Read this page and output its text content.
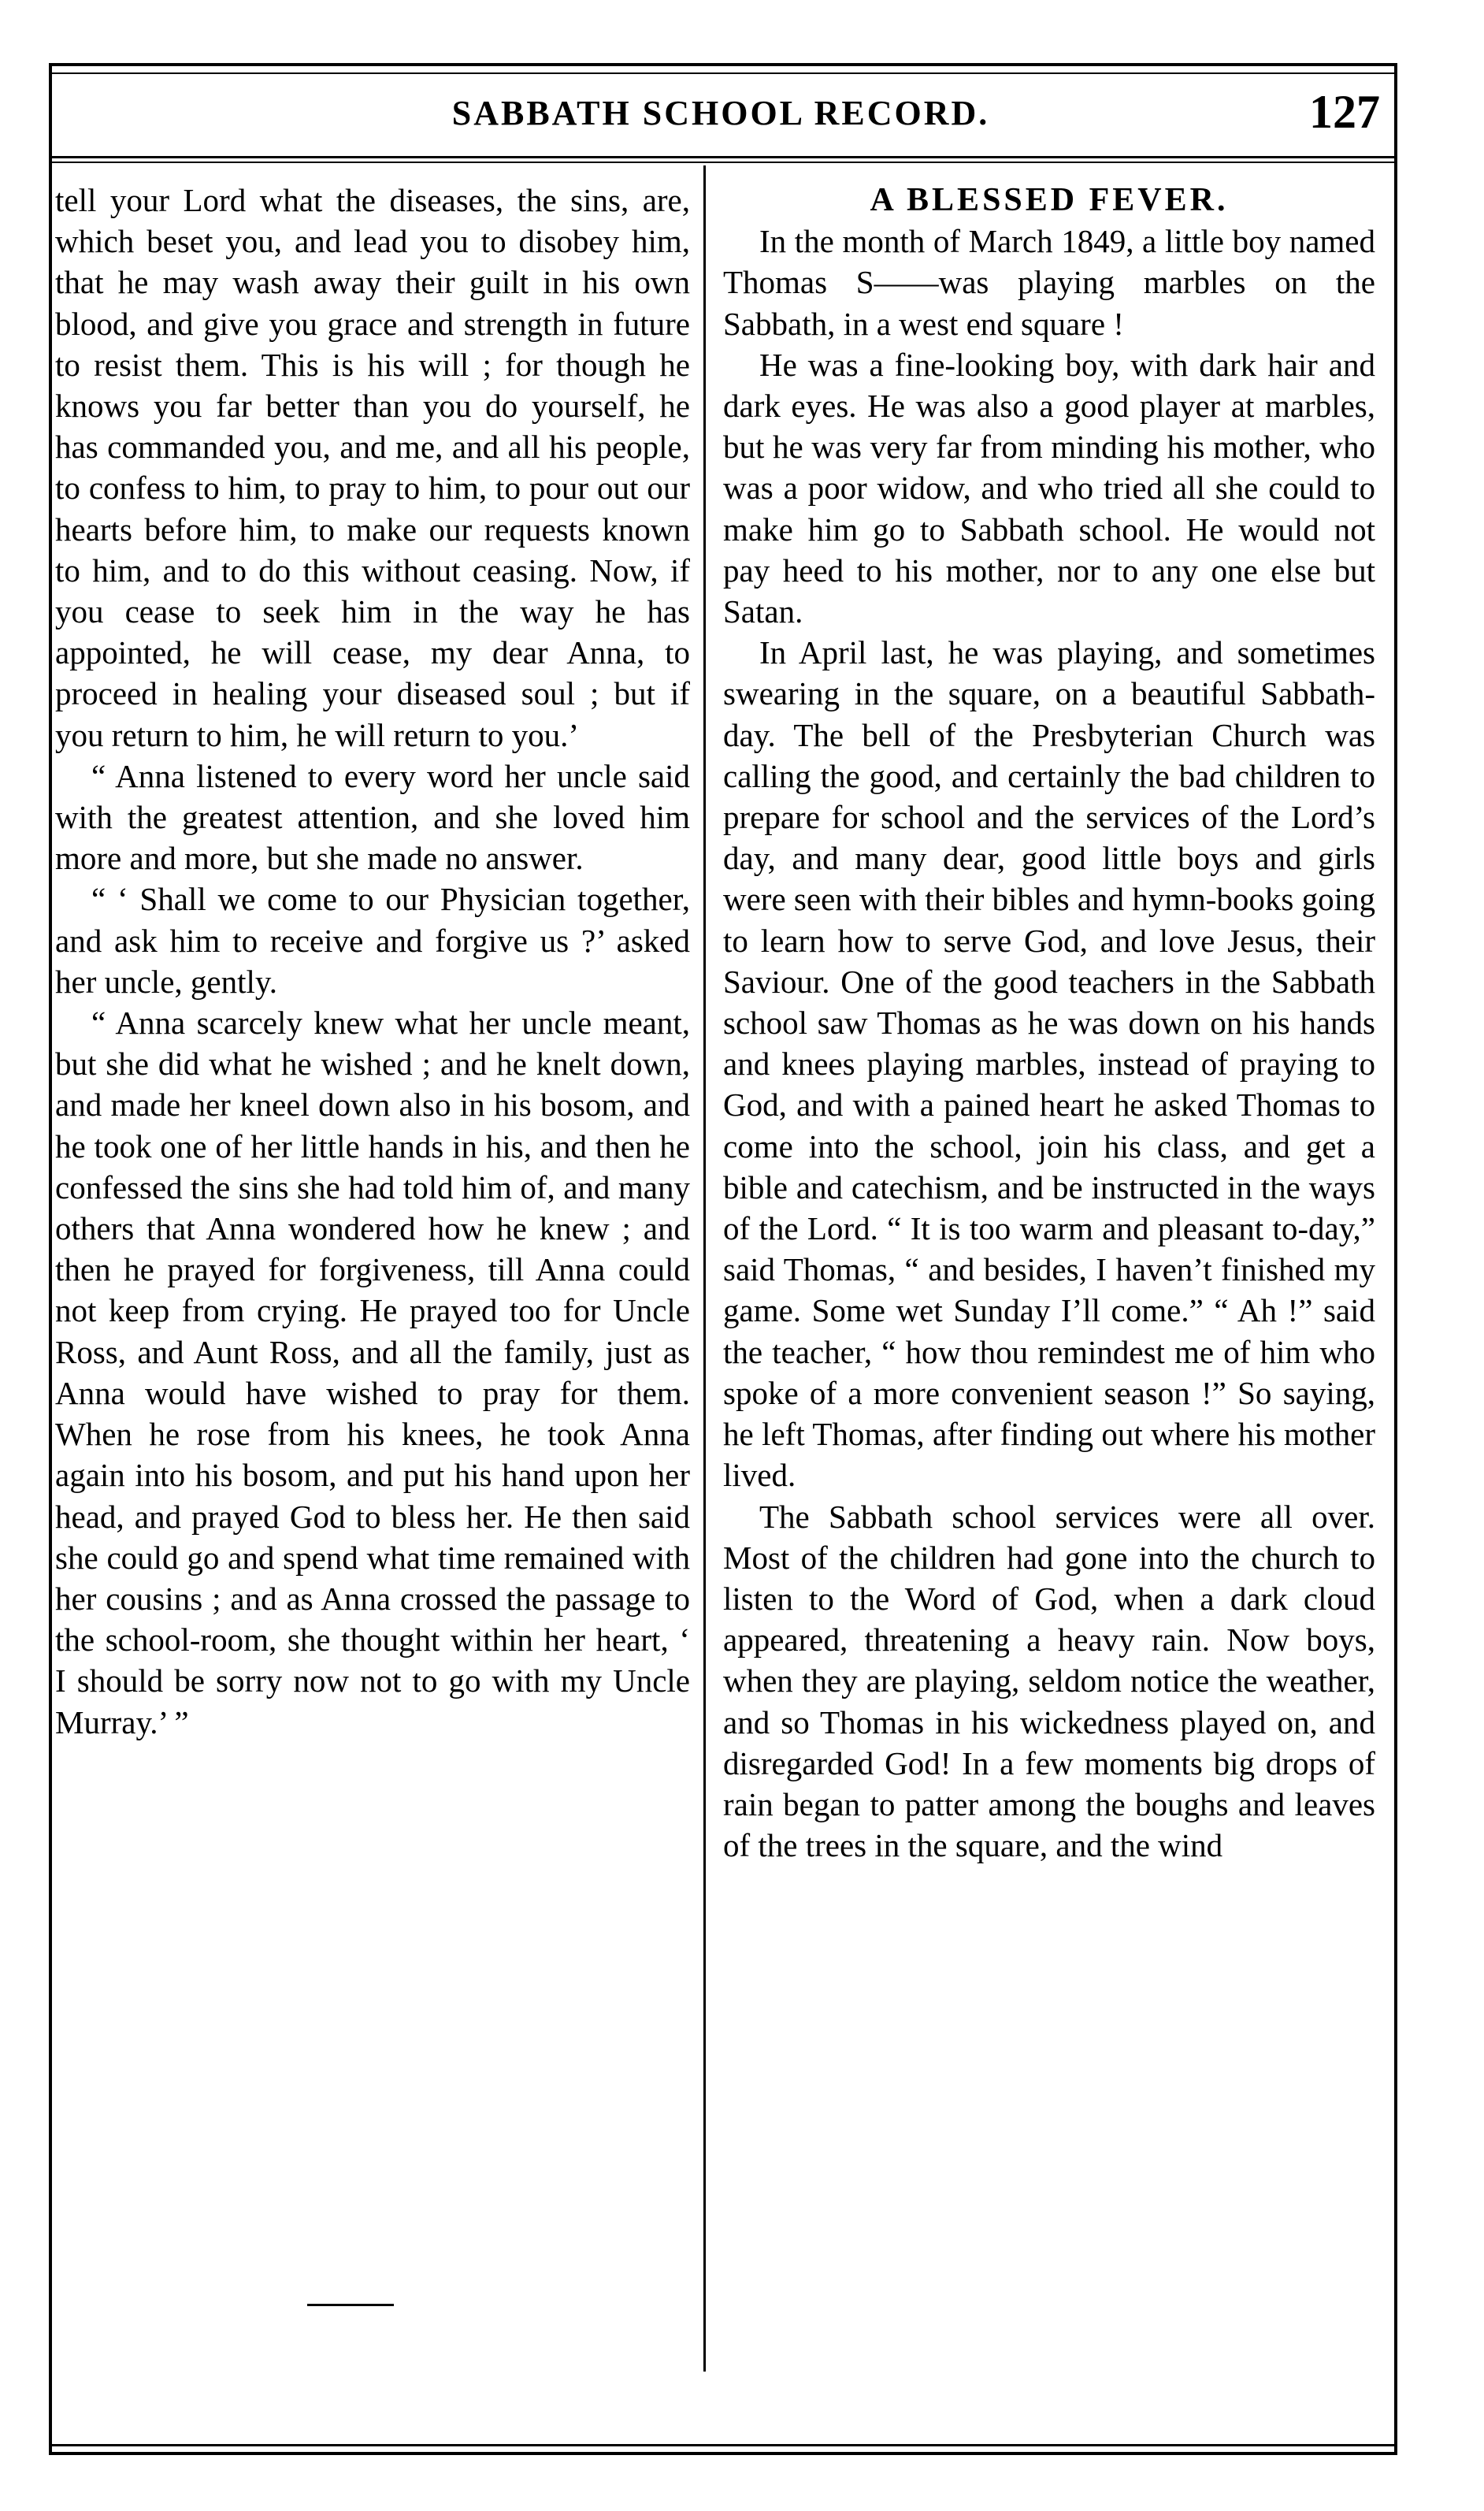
SABBATH SCHOOL RECORD.	127

tell your Lord what the diseases, the sins, are, which beset you, and lead you to disobey him, that he may wash away their guilt in his own blood, and give you grace and strength in future to resist them. This is his will ; for though he knows you far better than you do yourself, he has commanded you, and me, and all his people, to confess to him, to pray to him, to pour out our hearts before him, to make our requests known to him, and to do this without ceasing. Now, if you cease to seek him in the way he has appointed, he will cease, my dear Anna, to proceed in healing your diseased soul ; but if you return to him, he will return to you.’

“ Anna listened to every word her uncle said with the greatest attention, and she loved him more and more, but she made no answer.

“ ‘ Shall we come to our Physician together, and ask him to receive and forgive us ?’ asked her uncle, gently.

“ Anna scarcely knew what her uncle meant, but she did what he wished ; and he knelt down, and made her kneel down also in his bosom, and he took one of her little hands in his, and then he confessed the sins she had told him of, and many others that Anna wondered how he knew ; and then he prayed for forgiveness, till Anna could not keep from crying. He prayed too for Uncle Ross, and Aunt Ross, and all the family, just as Anna would have wished to pray for them. When he rose from his knees, he took Anna again into his bosom, and put his hand upon her head, and prayed God to bless her. He then said she could go and spend what time remained with her cousins ; and as Anna crossed the passage to the school-room, she thought within her heart, ‘ I should be sorry now not to go with my Uncle Murray.’ ”

A BLESSED FEVER.

In the month of March 1849, a little boy named Thomas S——was playing marbles on the Sabbath, in a west end square !

He was a fine-looking boy, with dark hair and dark eyes. He was also a good player at marbles, but he was very far from minding his mother, who was a poor widow, and who tried all she could to make him go to Sabbath school. He would not pay heed to his mother, nor to any one else but Satan.

In April last, he was playing, and sometimes swearing in the square, on a beautiful Sabbath-day. The bell of the Presbyterian Church was calling the good, and certainly the bad children to prepare for school and the services of the Lord’s day, and many dear, good little boys and girls were seen with their bibles and hymn-books going to learn how to serve God, and love Jesus, their Saviour. One of the good teachers in the Sabbath school saw Thomas as he was down on his hands and knees playing marbles, instead of praying to God, and with a pained heart he asked Thomas to come into the school, join his class, and get a bible and catechism, and be instructed in the ways of the Lord. “ It is too warm and pleasant to-day,” said Thomas, “ and besides, I haven’t finished my game. Some wet Sunday I’ll come.” “ Ah !” said the teacher, “ how thou remindest me of him who spoke of a more convenient season !” So saying, he left Thomas, after finding out where his mother lived.

The Sabbath school services were all over. Most of the children had gone into the church to listen to the Word of God, when a dark cloud appeared, threatening a heavy rain. Now boys, when they are playing, seldom notice the weather, and so Thomas in his wickedness played on, and disregarded God! In a few moments big drops of rain began to patter among the boughs and leaves of the trees in the square, and the wind
